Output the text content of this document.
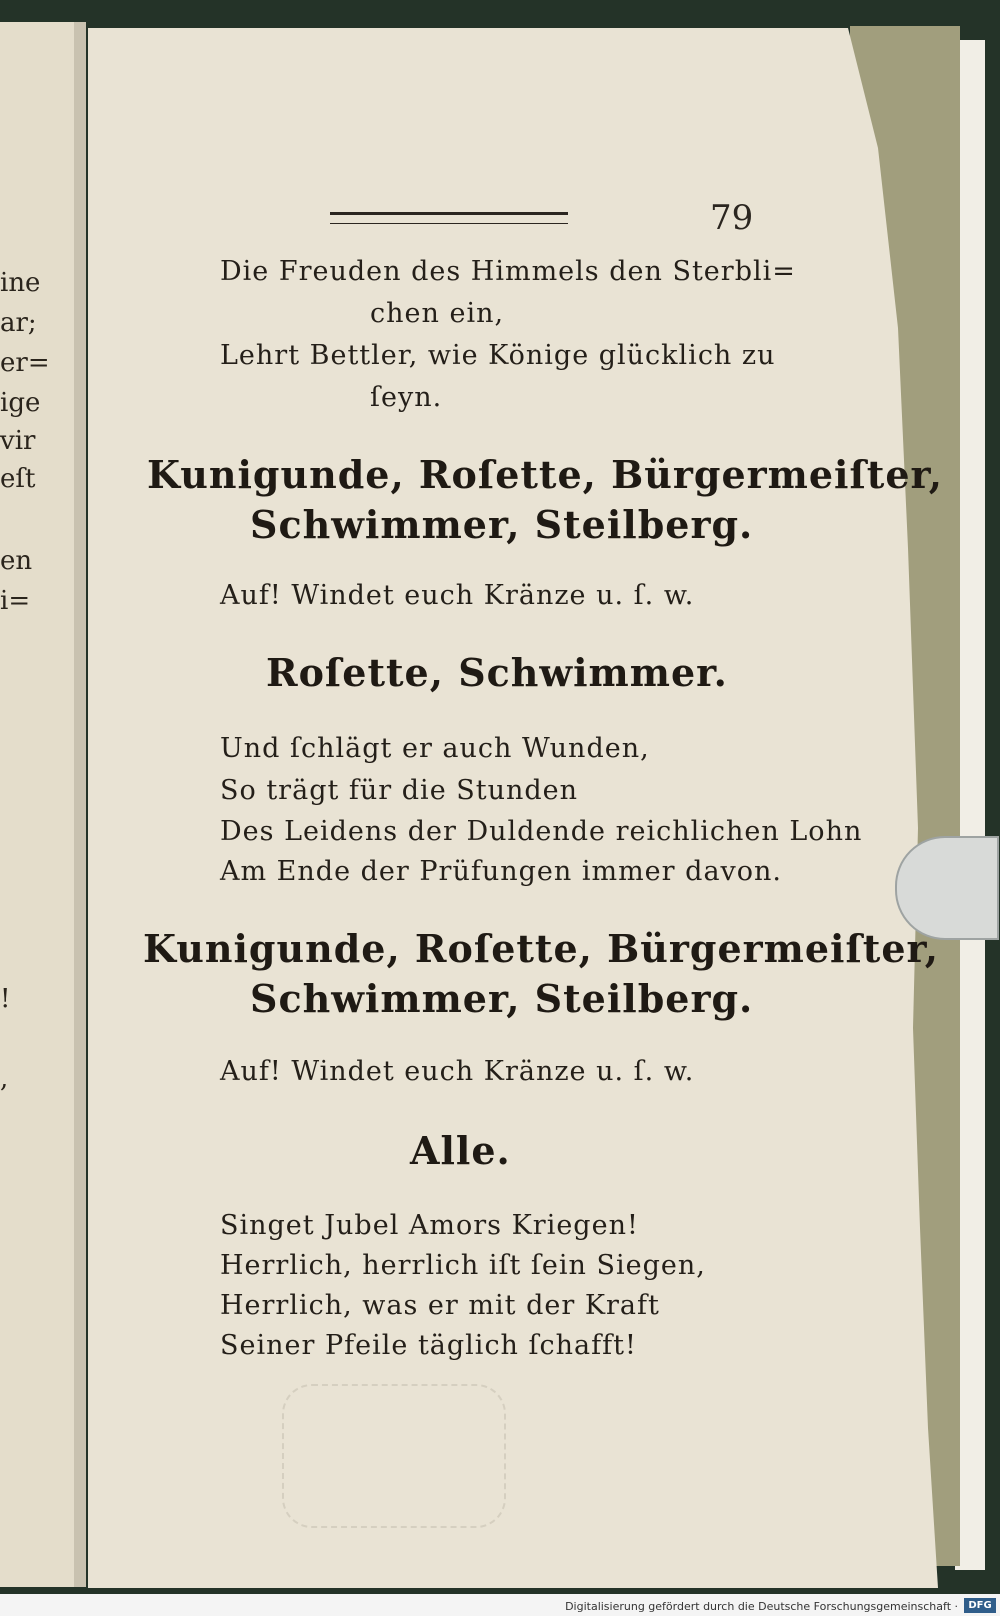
ine
ar;
er=
ige
vir
eſt
en
i=
!
,
79
Die Freuden des Himmels den Sterbli=
chen ein,
Lehrt Bettler, wie Könige glücklich zu
ſeyn.
Kunigunde, Roſette, Bürgermeiſter,
Schwimmer, Steilberg.
Auf! Windet euch Kränze u. ſ. w.
Roſette, Schwimmer.
Und ſchlägt er auch Wunden,
So trägt für die Stunden
Des Leidens der Duldende reichlichen Lohn
Am Ende der Prüfungen immer davon.
Kunigunde, Roſette, Bürgermeiſter,
Schwimmer, Steilberg.
Auf! Windet euch Kränze u. ſ. w.
Alle.
Singet Jubel Amors Kriegen!
Herrlich, herrlich iſt ſein Siegen,
Herrlich, was er mit der Kraft
Seiner Pfeile täglich ſchafft!
Digitalisierung gefördert durch die Deutsche Forschungsgemeinschaft ·	DFG
